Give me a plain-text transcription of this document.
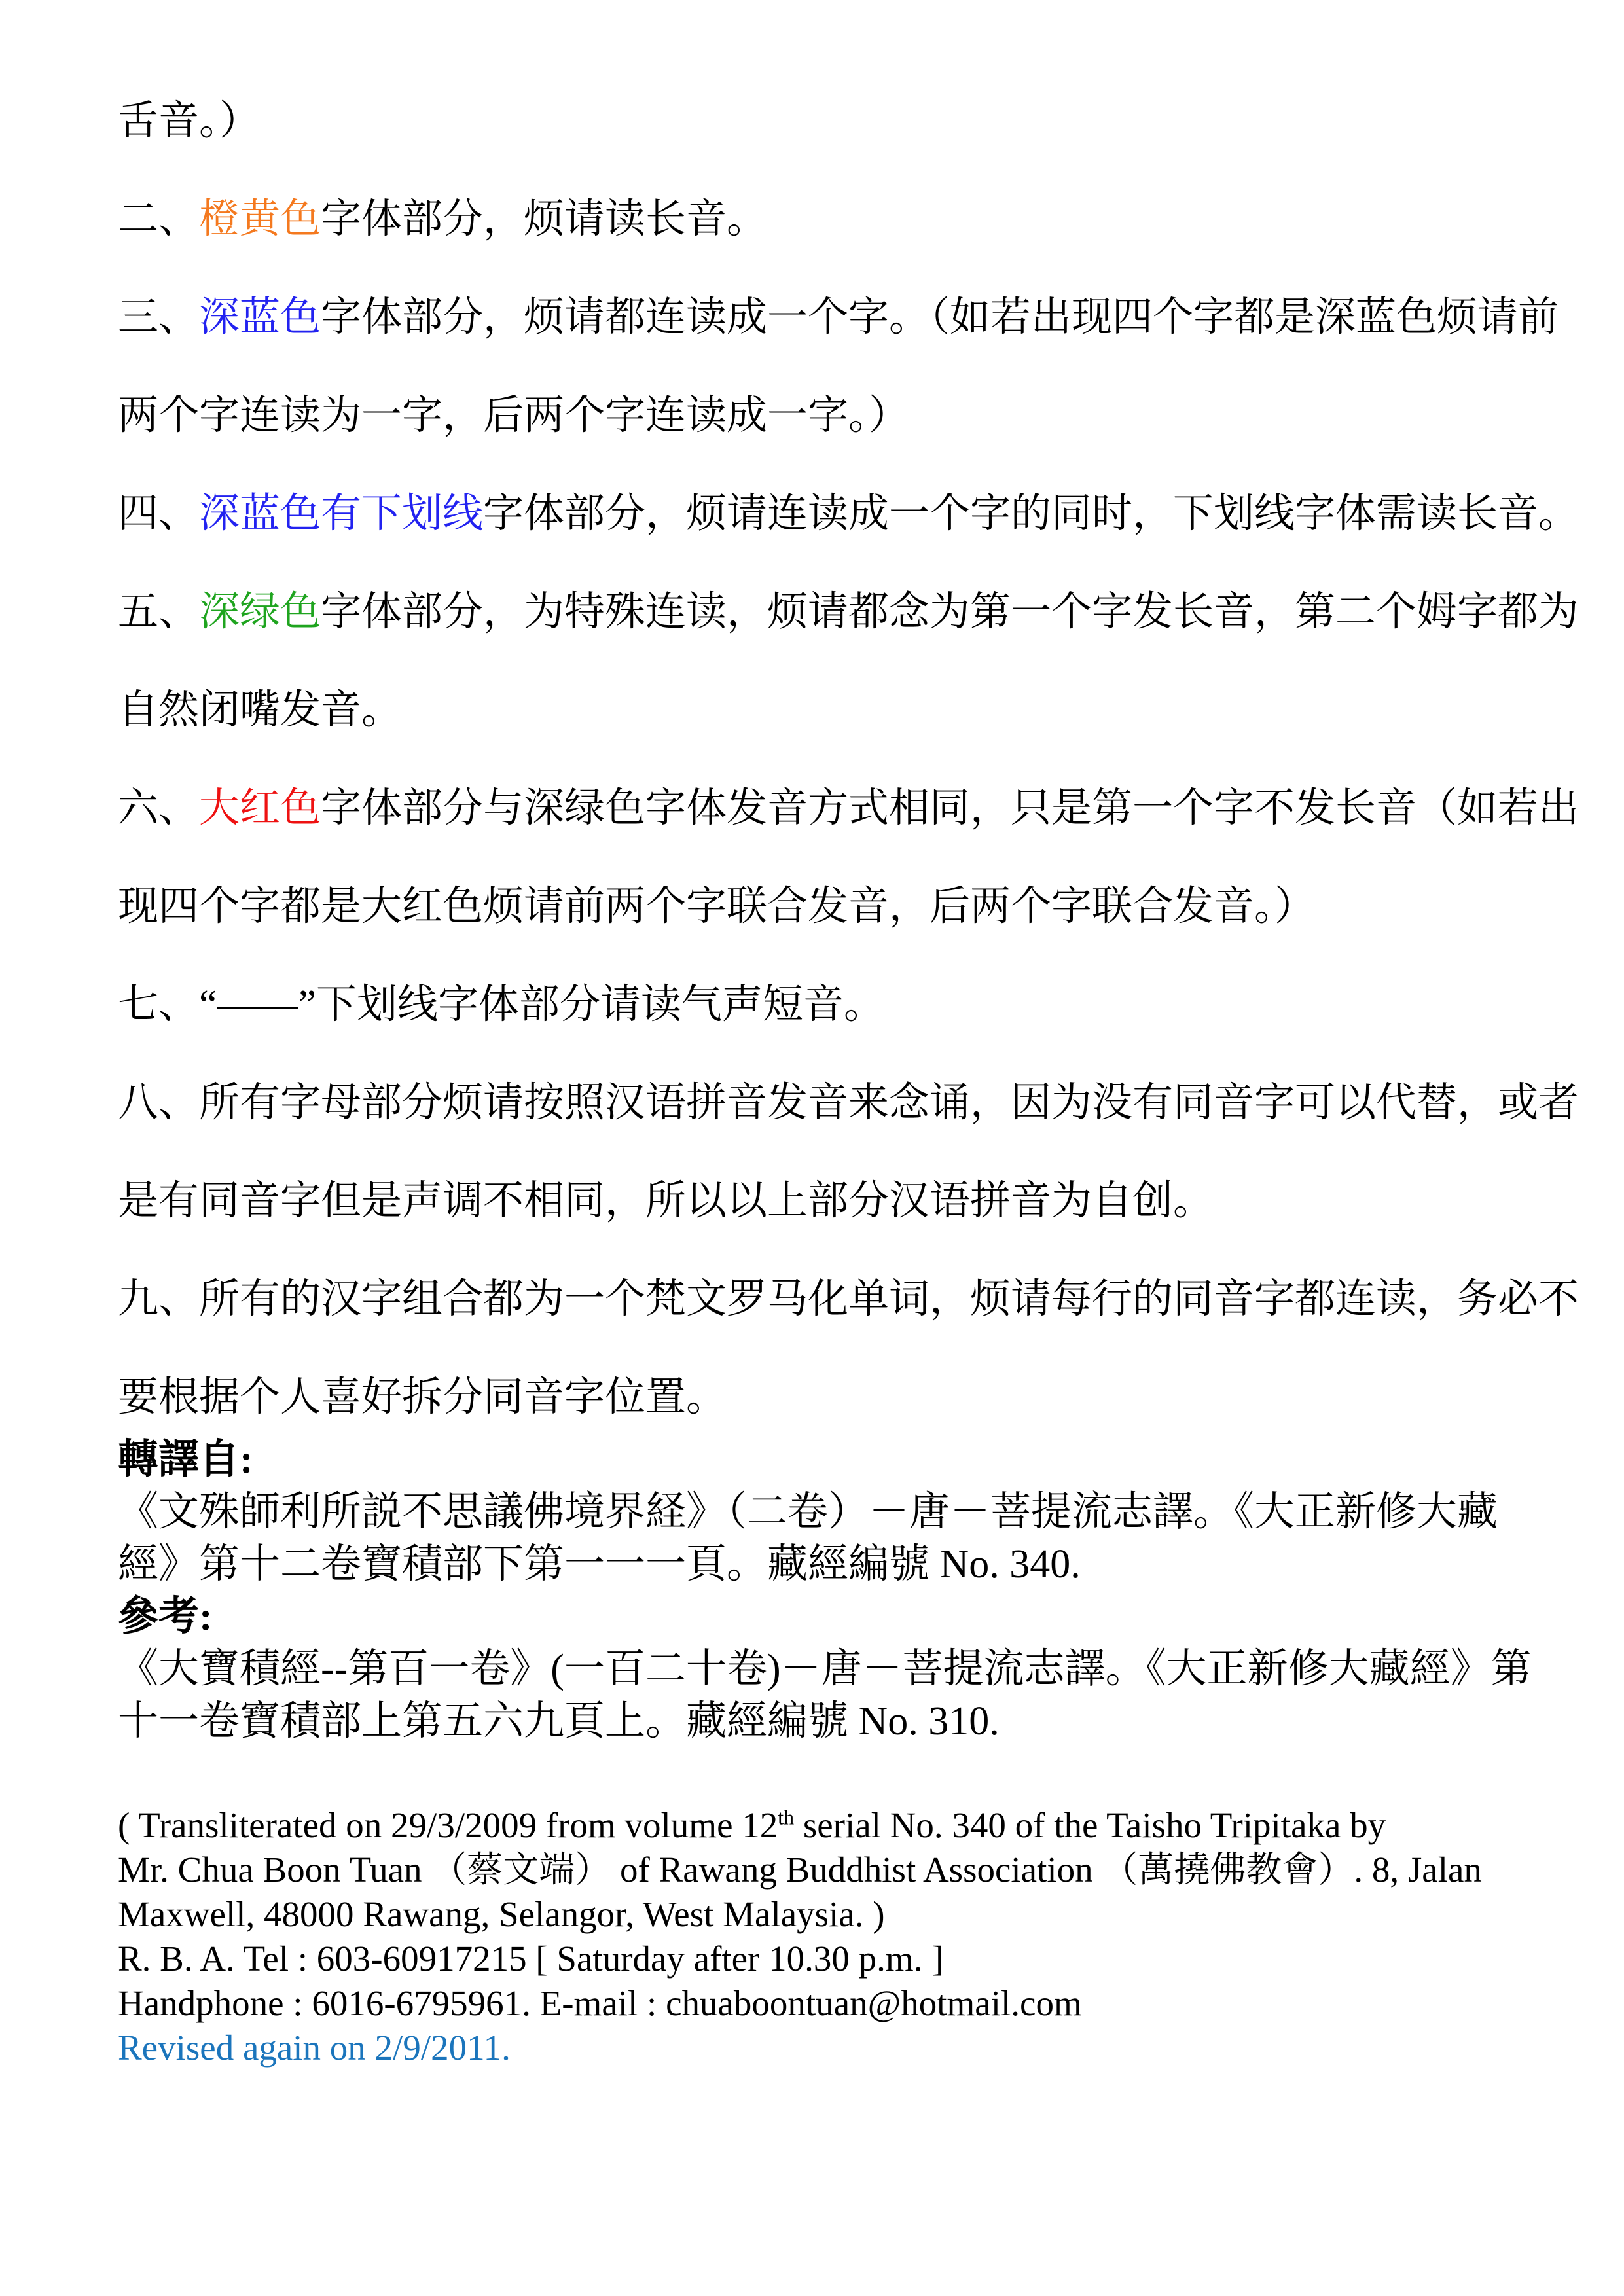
舌音。）
二、橙黄色字体部分，烦请读长音。
三、深蓝色字体部分，烦请都连读成一个字。（如若出现四个字都是深蓝色烦请前
两个字连读为一字，后两个字连读成一字。）
四、深蓝色有下划线字体部分，烦请连读成一个字的同时，下划线字体需读长音。
五、深绿色字体部分，为特殊连读，烦请都念为第一个字发长音，第二个姆字都为
自然闭嘴发音。
六、大红色字体部分与深绿色字体发音方式相同，只是第一个字不发长音（如若出
现四个字都是大红色烦请前两个字联合发音，后两个字联合发音。）
七、“——”下划线字体部分请读气声短音。
八、所有字母部分烦请按照汉语拼音发音来念诵，因为没有同音字可以代替，或者
是有同音字但是声调不相同，所以以上部分汉语拼音为自创。
九、所有的汉字组合都为一个梵文罗马化单词，烦请每行的同音字都连读，务必不
要根据个人喜好拆分同音字位置。
轉譯自:
《文殊師利所説不思議佛境界経》（二卷）－唐－菩提流志譯。《大正新修大藏
經》第十二卷寶積部下第一一一頁。藏經編號 No. 340.
參考:
《大寶積經--第百一卷》(一百二十卷)－唐－菩提流志譯。《大正新修大藏經》第
十一卷寶積部上第五六九頁上。藏經編號 No. 310.
( Transliterated on 29/3/2009 from volume 12th serial No. 340 of the Taisho Tripitaka by
Mr. Chua Boon Tuan （蔡文端） of Rawang Buddhist Association （萬撓佛教會）. 8, Jalan
Maxwell, 48000 Rawang, Selangor, West Malaysia. )
R. B. A. Tel : 603-60917215 [ Saturday after 10.30 p.m. ]
Handphone : 6016-6795961. E-mail : chuaboontuan@hotmail.com
Revised again on 2/9/2011.
